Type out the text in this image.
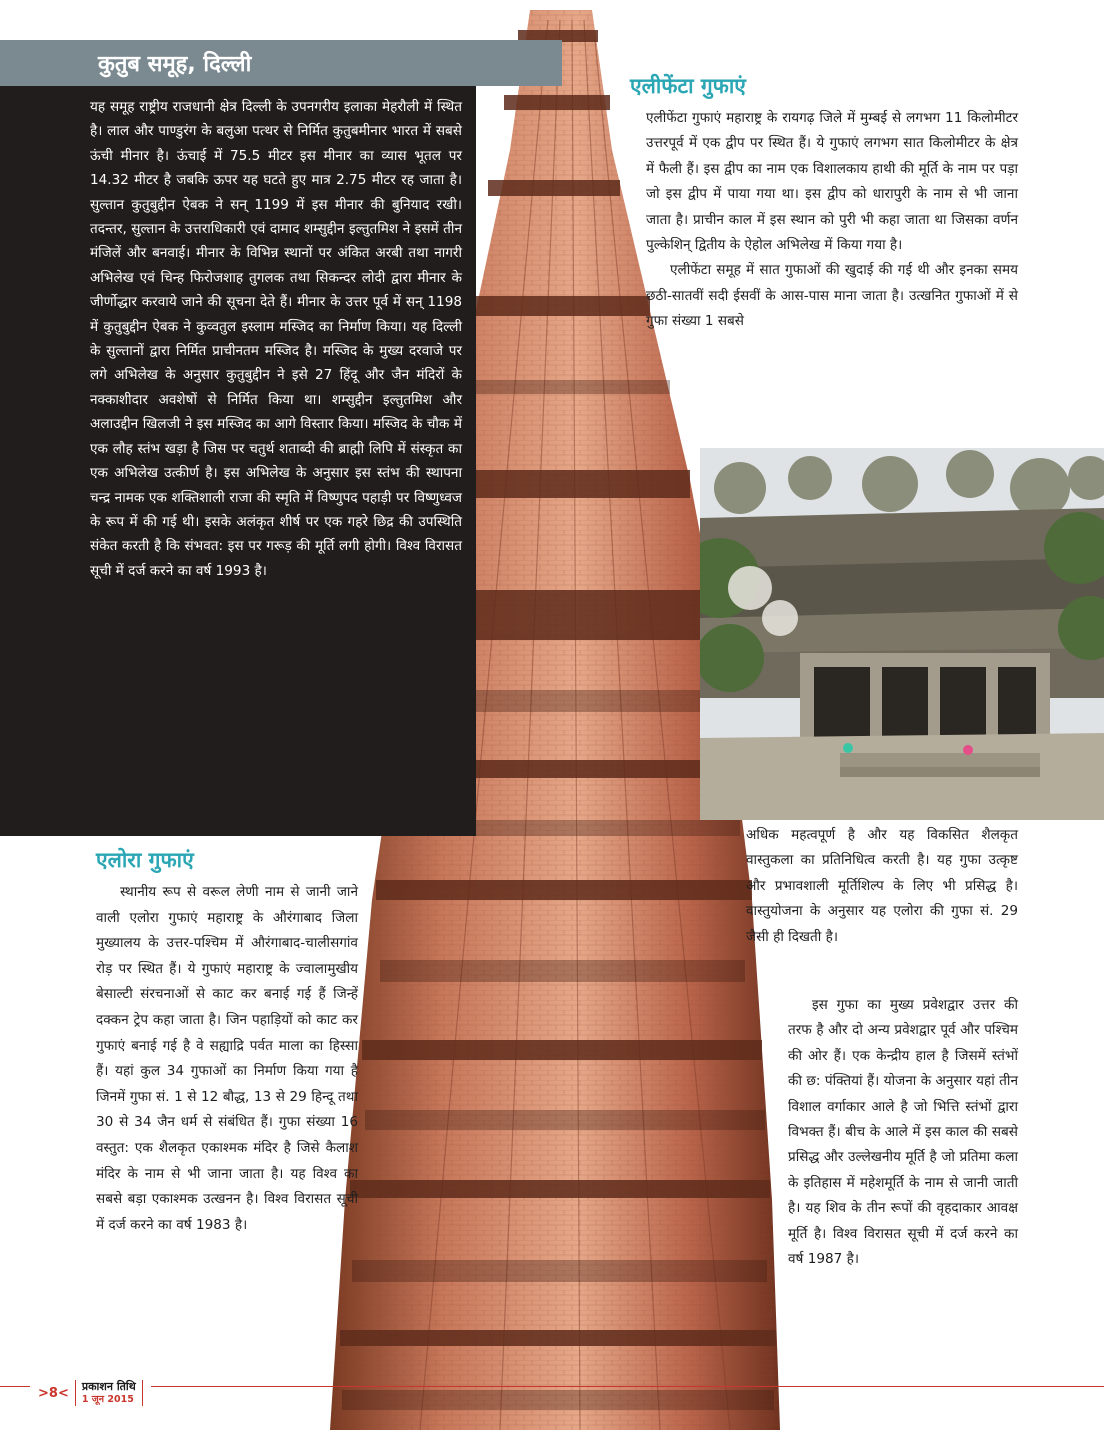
कुतुब समूह, दिल्ली

यह समूह राष्ट्रीय राजधानी क्षेत्र दिल्ली के उपनगरीय इलाका मेहरौली में स्थित है। लाल और पाण्डुरंग के बलुआ पत्थर से निर्मित कुतुबमीनार भारत में सबसे ऊंची मीनार है। ऊंचाई में 75.5 मीटर इस मीनार का व्यास भूतल पर 14.32 मीटर है जबकि ऊपर यह घटते हुए मात्र 2.75 मीटर रह जाता है। सुल्तान कुतुबुद्दीन ऐबक ने सन् 1199 में इस मीनार की बुनियाद रखी। तदन्तर, सुल्तान के उत्तराधिकारी एवं दामाद शम्सुद्दीन इल्तुतमिश ने इसमें तीन मंजिलें और बनवाई। मीनार के विभिन्न स्थानों पर अंकित अरबी तथा नागरी अभिलेख एवं चिन्ह फिरोजशाह तुगलक तथा सिकन्दर लोदी द्वारा मीनार के जीर्णोद्धार करवाये जाने की सूचना देते हैं। मीनार के उत्तर पूर्व में सन् 1198 में कुतुबुद्दीन ऐबक ने कुव्वतुल इस्लाम मस्जिद का निर्माण किया। यह दिल्ली के सुल्तानों द्वारा निर्मित प्राचीनतम मस्जिद है। मस्जिद के मुख्य दरवाजे पर लगे अभिलेख के अनुसार कुतुबुद्दीन ने इसे 27 हिंदू और जैन मंदिरों के नक्काशीदार अवशेषों से निर्मित किया था। शम्सुद्दीन इल्तुतमिश और अलाउद्दीन खिलजी ने इस मस्जिद का आगे विस्तार किया। मस्जिद के चौक में एक लौह स्तंभ खड़ा है जिस पर चतुर्थ शताब्दी की ब्राह्मी लिपि में संस्कृत का एक अभिलेख उत्कीर्ण है। इस अभिलेख के अनुसार इस स्तंभ की स्थापना चन्द्र नामक एक शक्तिशाली राजा की स्मृति में विष्णुपद पहाड़ी पर विष्णुध्वज के रूप में की गई थी। इसके अलंकृत शीर्ष पर एक गहरे छिद्र की उपस्थिति संकेत करती है कि संभवत: इस पर गरूड़ की मूर्ति लगी होगी। विश्व विरासत सूची में दर्ज करने का वर्ष 1993 है।

एलीफेंटा गुफाएं

एलीफेंटा गुफाएं महाराष्ट्र के रायगढ़ जिले में मुम्बई से लगभग 11 किलोमीटर उत्तरपूर्व में एक द्वीप पर स्थित हैं। ये गुफाएं लगभग सात किलोमीटर के क्षेत्र में फैली हैं। इस द्वीप का नाम एक विशालकाय हाथी की मूर्ति के नाम पर पड़ा जो इस द्वीप में पाया गया था। इस द्वीप को धारापुरी के नाम से भी जाना जाता है। प्राचीन काल में इस स्थान को पुरी भी कहा जाता था जिसका वर्णन पुल्केशिन् द्वितीय के ऐहोल अभिलेख में किया गया है।

एलीफेंटा समूह में सात गुफाओं की खुदाई की गई थी और इनका समय छठी-सातवीं सदी ईसवीं के आस-पास माना जाता है। उत्खनित गुफाओं में से गुफा संख्या 1 सबसे

अधिक महत्वपूर्ण है और यह विकसित शैलकृत वास्तुकला का प्रतिनिधित्व करती है। यह गुफा उत्कृष्ट और प्रभावशाली मूर्तिशिल्प के लिए भी प्रसिद्ध है। वास्तुयोजना के अनुसार यह एलोरा की गुफा सं. 29 जैसी ही दिखती है।

इस गुफा का मुख्य प्रवेशद्वार उत्तर की तरफ है और दो अन्य प्रवेशद्वार पूर्व और पश्चिम की ओर हैं। एक केन्द्रीय हाल है जिसमें स्तंभों की छ: पंक्तियां हैं। योजना के अनुसार यहां तीन विशाल वर्गाकार आले है जो भित्ति स्तंभों द्वारा विभक्त हैं। बीच के आले में इस काल की सबसे प्रसिद्ध और उल्लेखनीय मूर्ति है जो प्रतिमा कला के इतिहास में महेशमूर्ति के नाम से जानी जाती है। यह शिव के तीन रूपों की वृहदाकार आवक्ष मूर्ति है। विश्व विरासत सूची में दर्ज करने का वर्ष 1987 है।

एलोरा गुफाएं

स्थानीय रूप से वरूल लेणी नाम से जानी जाने वाली एलोरा गुफाएं महाराष्ट्र के औरंगाबाद जिला मुख्यालय के उत्तर-पश्चिम में औरंगाबाद-चालीसगांव रोड़ पर स्थित हैं। ये गुफाएं महाराष्ट्र के ज्वालामुखीय बेसाल्टी संरचनाओं से काट कर बनाई गई हैं जिन्हें दक्कन ट्रेप कहा जाता है। जिन पहाड़ियों को काट कर गुफाएं बनाई गई है वे सह्याद्रि पर्वत माला का हिस्सा हैं। यहां कुल 34 गुफाओं का निर्माण किया गया है जिनमें गुफा सं. 1 से 12 बौद्ध, 13 से 29 हिन्दू तथा 30 से 34 जैन धर्म से संबंधित हैं। गुफा संख्या 16 वस्तुत: एक शैलकृत एकाश्मक मंदिर है जिसे कैलाश मंदिर के नाम से भी जाना जाता है। यह विश्व का सबसे बड़ा एकाश्मक उत्खनन है। विश्व विरासत सूची में दर्ज करने का वर्ष 1983 है।

>8< प्रकाशन तिथि
1 जून 2015
